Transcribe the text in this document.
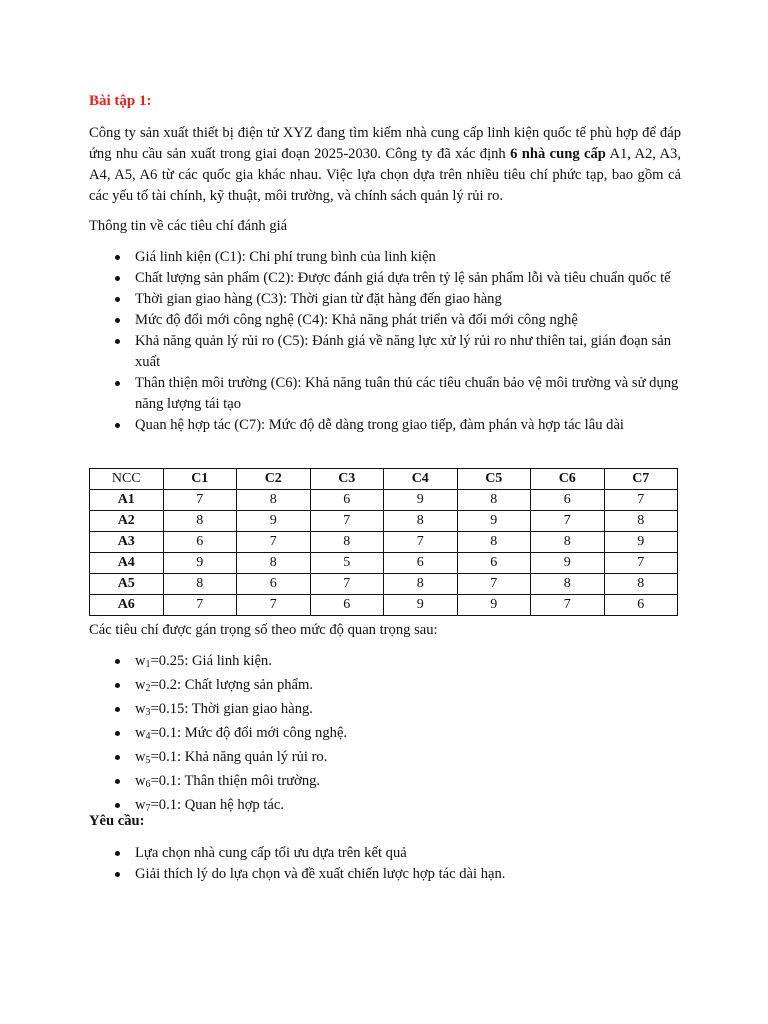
Bài tập 1:

Công ty sản xuất thiết bị điện tử XYZ đang tìm kiếm nhà cung cấp linh kiện quốc tế phù hợp để đáp ứng nhu cầu sản xuất trong giai đoạn 2025-2030. Công ty đã xác định 6 nhà cung cấp A1, A2, A3, A4, A5, A6 từ các quốc gia khác nhau. Việc lựa chọn dựa trên nhiều tiêu chí phức tạp, bao gồm cả các yếu tố tài chính, kỹ thuật, môi trường, và chính sách quản lý rủi ro.

Thông tin về các tiêu chí đánh giá

Giá linh kiện (C1): Chi phí trung bình của linh kiện
Chất lượng sản phẩm (C2): Được đánh giá dựa trên tỷ lệ sản phẩm lỗi và tiêu chuẩn quốc tế
Thời gian giao hàng (C3): Thời gian từ đặt hàng đến giao hàng
Mức độ đổi mới công nghệ (C4): Khả năng phát triển và đổi mới công nghệ
Khả năng quản lý rủi ro (C5): Đánh giá về năng lực xử lý rủi ro như thiên tai, gián đoạn sản xuất
Thân thiện môi trường (C6): Khả năng tuân thủ các tiêu chuẩn bảo vệ môi trường và sử dụng năng lượng tái tạo
Quan hệ hợp tác (C7): Mức độ dễ dàng trong giao tiếp, đàm phán và hợp tác lâu dài
NCC	C1	C2	C3	C4	C5	C6	C7
A1	7	8	6	9	8	6	7
A2	8	9	7	8	9	7	8
A3	6	7	8	7	8	8	9
A4	9	8	5	6	6	9	7
A5	8	6	7	8	7	8	8
A6	7	7	6	9	9	7	6

Các tiêu chí được gán trọng số theo mức độ quan trọng sau:

$w_1=0.25$: Giá linh kiện.
$w_2=0.2$: Chất lượng sản phẩm.
$w_3=0.15$: Thời gian giao hàng.
$w_4=0.1$: Mức độ đổi mới công nghệ.
$w_5=0.1$: Khả năng quản lý rủi ro.
$w_6=0.1$: Thân thiện môi trường.
$w_7=0.1$: Quan hệ hợp tác.

Yêu cầu:

Lựa chọn nhà cung cấp tối ưu dựa trên kết quả
Giải thích lý do lựa chọn và đề xuất chiến lược hợp tác dài hạn.
